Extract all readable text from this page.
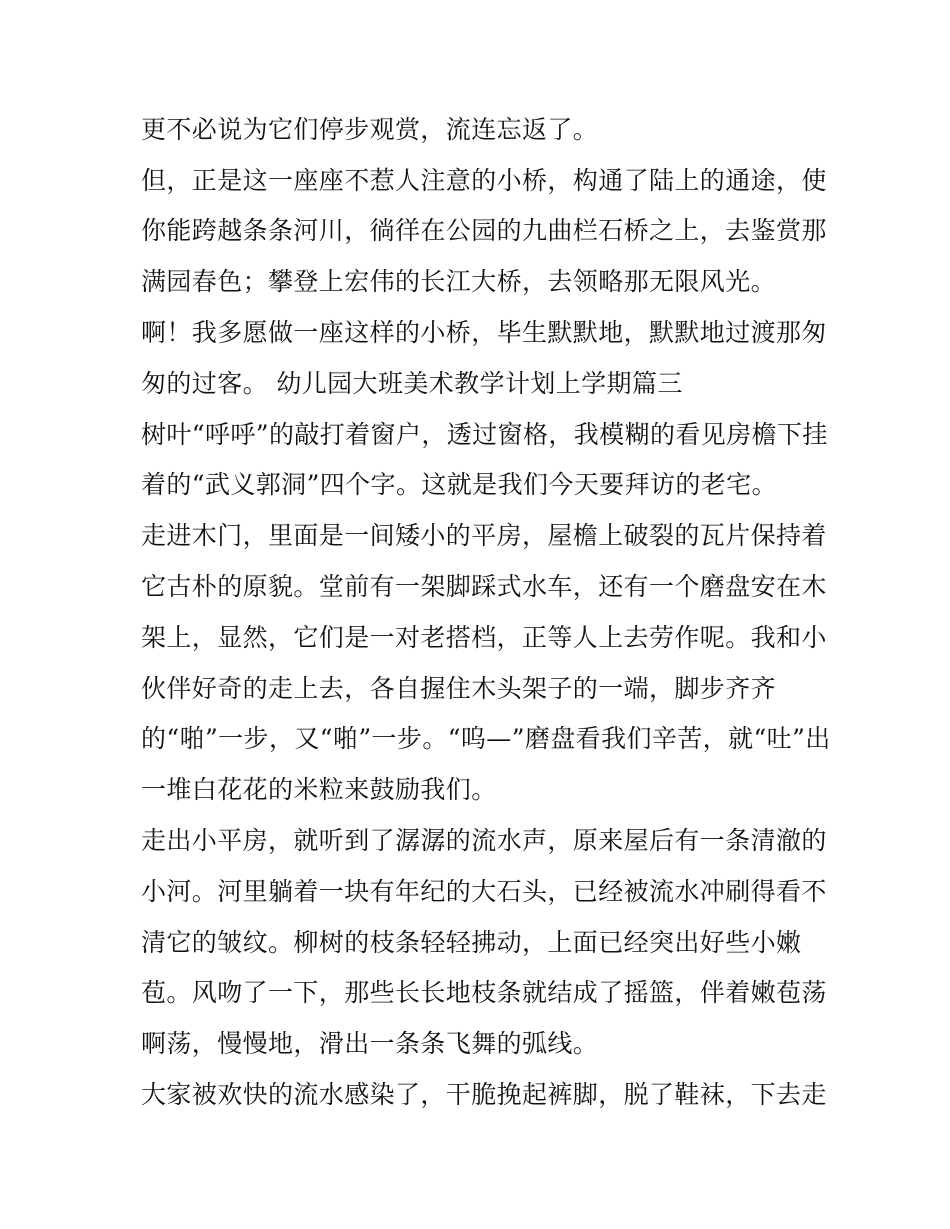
更不必说为它们停步观赏，流连忘返了。
但，正是这一座座不惹人注意的小桥，构通了陆上的通途，使
你能跨越条条河川，徜徉在公园的九曲栏石桥之上，去鉴赏那
满园春色；攀登上宏伟的长江大桥，去领略那无限风光。
啊！我多愿做一座这样的小桥，毕生默默地，默默地过渡那匆
匆的过客。 幼儿园大班美术教学计划上学期篇三
树叶“呼呼”的敲打着窗户，透过窗格，我模糊的看见房檐下挂
着的“武义郭洞”四个字。这就是我们今天要拜访的老宅。
走进木门，里面是一间矮小的平房，屋檐上破裂的瓦片保持着
它古朴的原貌。堂前有一架脚踩式水车，还有一个磨盘安在木
架上，显然，它们是一对老搭档，正等人上去劳作呢。我和小
伙伴好奇的走上去，各自握住木头架子的一端，脚步齐齐
的“啪”一步，又“啪”一步。“呜—”磨盘看我们辛苦，就“吐”出
一堆白花花的米粒来鼓励我们。
走出小平房，就听到了潺潺的流水声，原来屋后有一条清澈的
小河。河里躺着一块有年纪的大石头，已经被流水冲刷得看不
清它的皱纹。柳树的枝条轻轻拂动，上面已经突出好些小嫩
苞。风吻了一下，那些长长地枝条就结成了摇篮，伴着嫩苞荡
啊荡，慢慢地，滑出一条条飞舞的弧线。
大家被欢快的流水感染了，干脆挽起裤脚，脱了鞋袜，下去走
